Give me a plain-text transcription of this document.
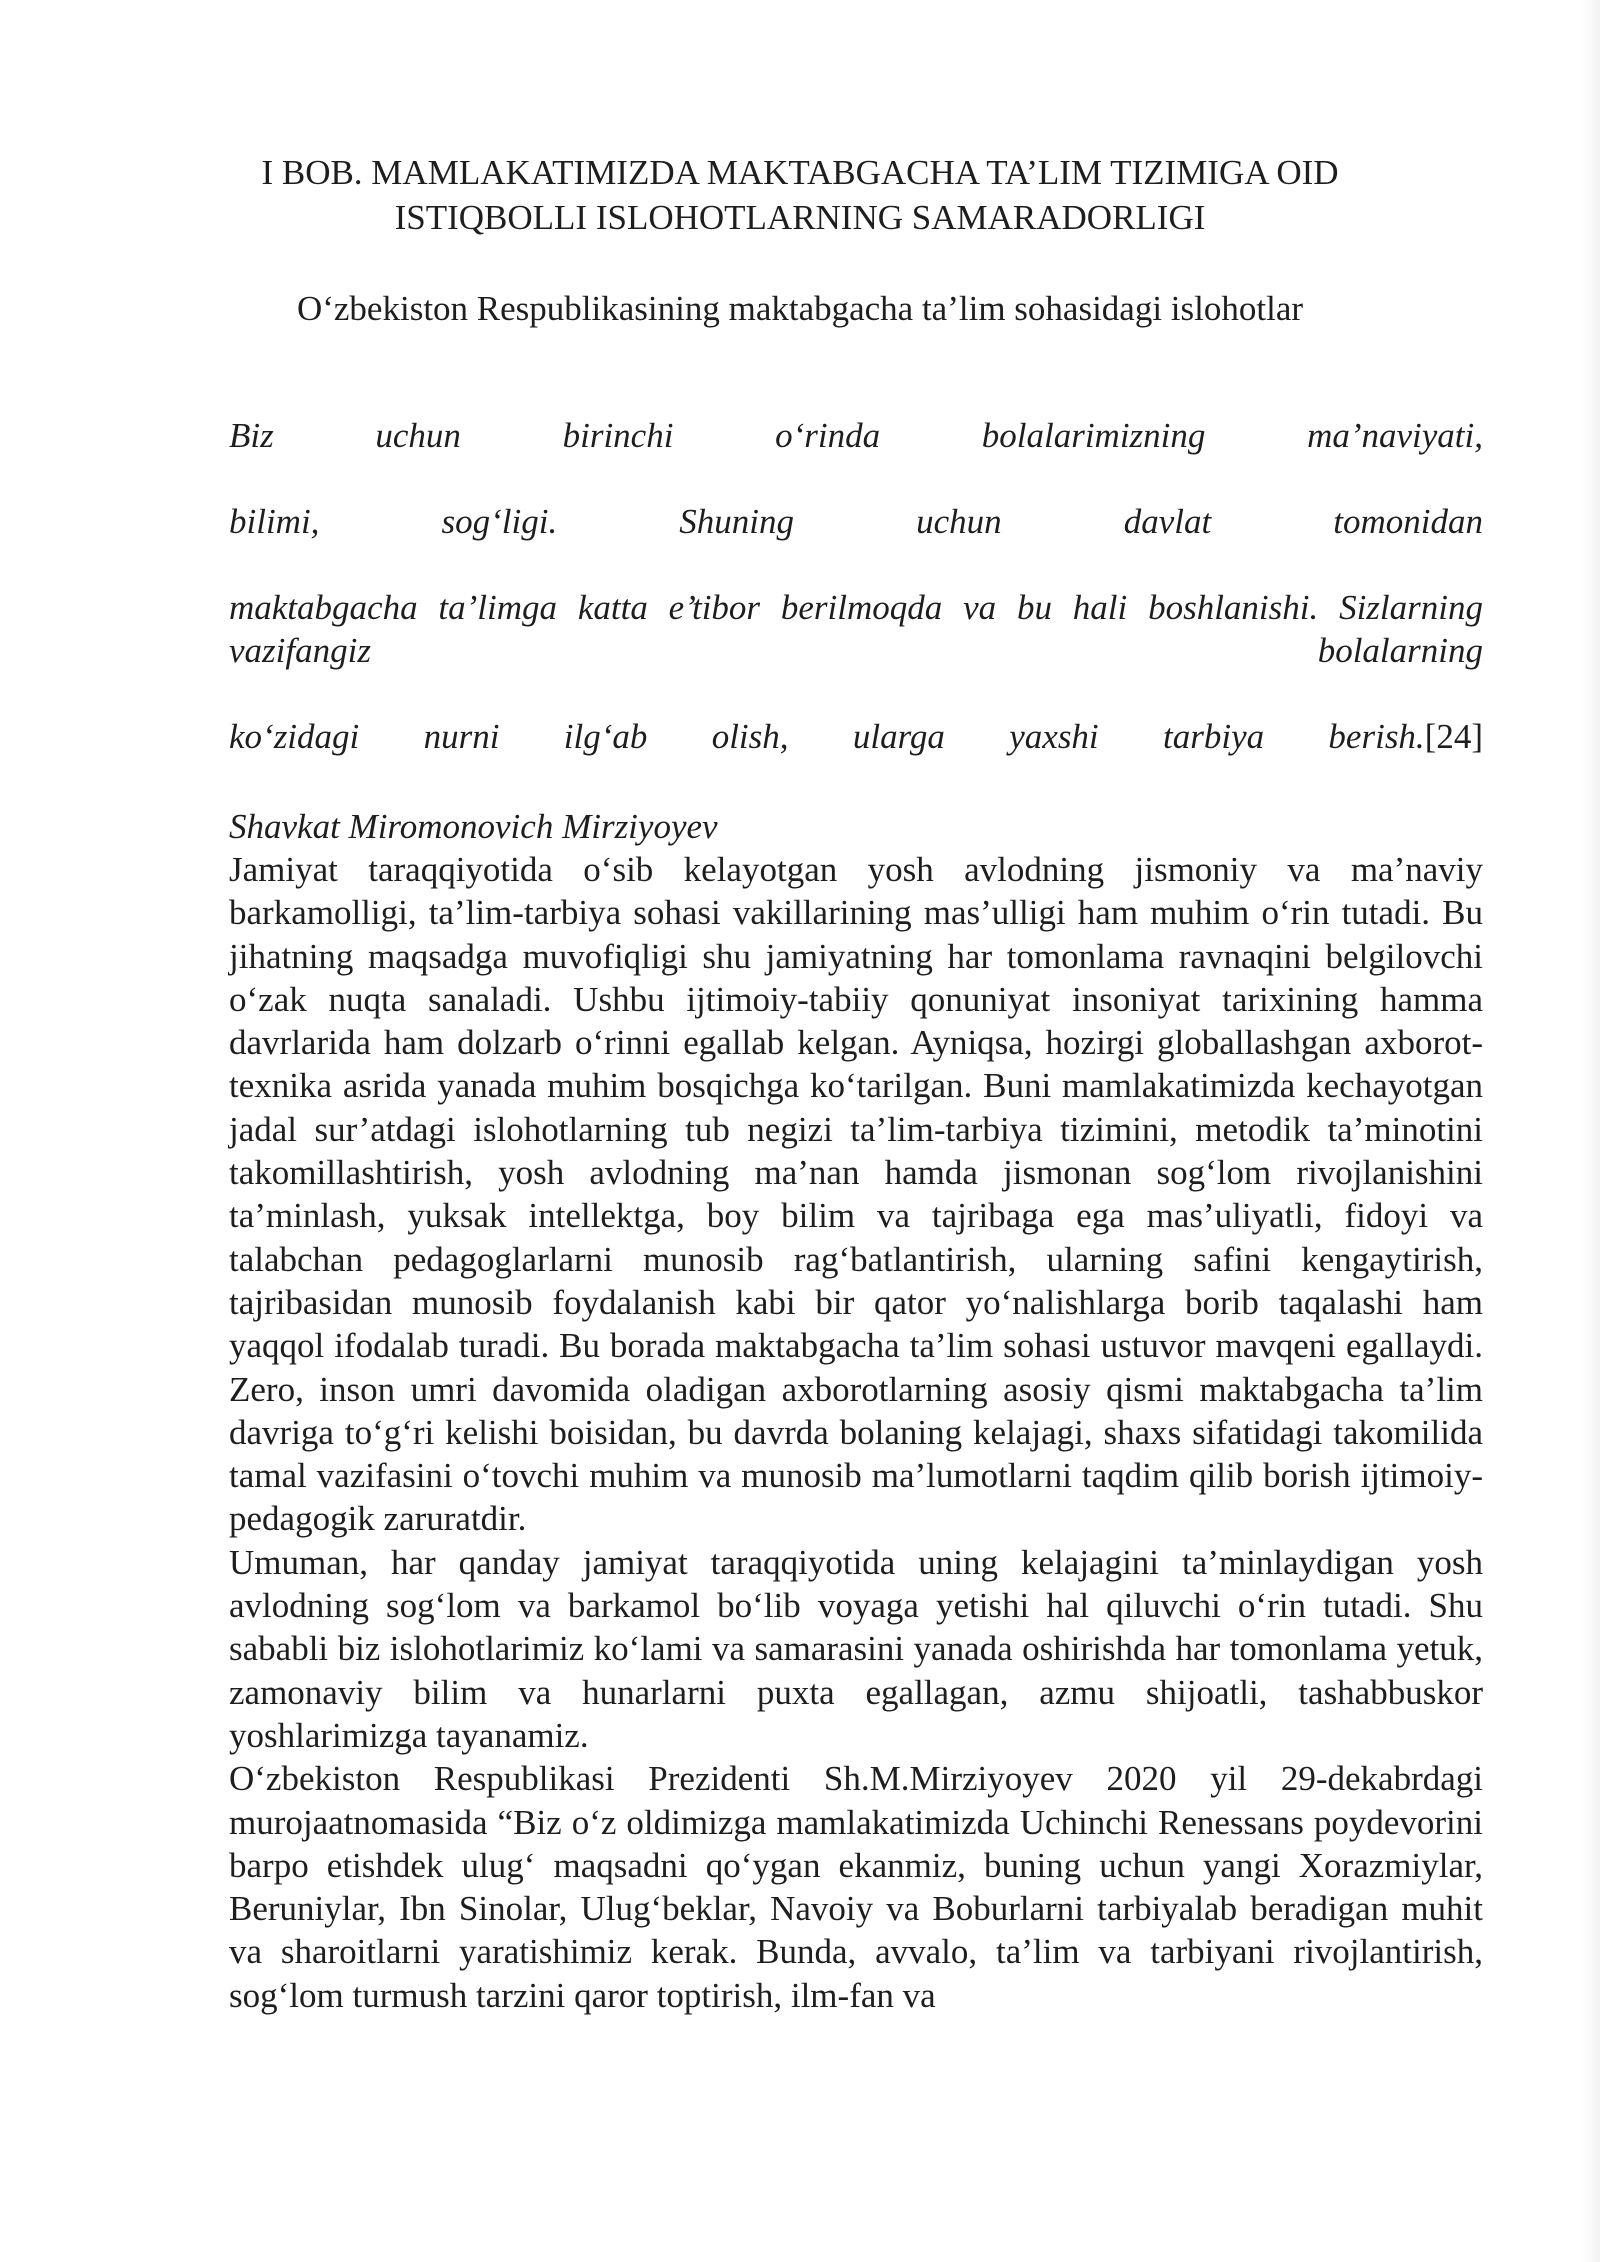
I BOB. MAMLAKATIMIZDA MAKTABGACHA TA’LIM TIZIMIGA OID
ISTIQBOLLI ISLOHOTLARNING SAMARADORLIGI
O‘zbekiston Respublikasining maktabgacha ta’lim sohasidagi islohotlar
Biz uchun birinchi o‘rinda bolalarimizning ma’naviyati,
bilimi, sog‘ligi. Shuning uchun davlat tomonidan
maktabgacha ta’limga katta e’tibor berilmoqda va bu hali boshlanishi. Sizlarning vazifangiz bolalarning
ko‘zidagi nurni ilg‘ab olish, ularga yaxshi tarbiya berish.[24]
Shavkat Miromonovich Mirziyoyev

Jamiyat taraqqiyotida o‘sib kelayotgan yosh avlodning jismoniy va ma’naviy barkamolligi, ta’lim-tarbiya sohasi vakillarining mas’ulligi ham muhim o‘rin tutadi. Bu jihatning maqsadga muvofiqligi shu jamiyatning har tomonlama ravnaqini belgilovchi o‘zak nuqta sanaladi. Ushbu ijtimoiy-tabiiy qonuniyat insoniyat tarixining hamma davrlarida ham dolzarb o‘rinni egallab kelgan. Ayniqsa, hozirgi globallashgan axborot-texnika asrida yanada muhim bosqichga ko‘tarilgan. Buni mamlakatimizda kechayotgan jadal sur’atdagi islohotlarning tub negizi ta’lim-tarbiya tizimini, metodik ta’minotini takomillashtirish, yosh avlodning ma’nan hamda jismonan sog‘lom rivojlanishini ta’minlash, yuksak intellektga, boy bilim va tajribaga ega mas’uliyatli, fidoyi va talabchan pedagoglarlarni munosib rag‘batlantirish, ularning safini kengaytirish, tajribasidan munosib foydalanish kabi bir qator yo‘nalishlarga borib taqalashi ham yaqqol ifodalab turadi. Bu borada maktabgacha ta’lim sohasi ustuvor mavqeni egallaydi. Zero, inson umri davomida oladigan axborotlarning asosiy qismi maktabgacha ta’lim davriga to‘g‘ri kelishi boisidan, bu davrda bolaning kelajagi, shaxs sifatidagi takomilida tamal vazifasini o‘tovchi muhim va munosib ma’lumotlarni taqdim qilib borish ijtimoiy-pedagogik zaruratdir.

Umuman, har qanday jamiyat taraqqiyotida uning kelajagini ta’minlaydigan yosh avlodning sog‘lom va barkamol bo‘lib voyaga yetishi hal qiluvchi o‘rin tutadi. Shu sababli biz islohotlarimiz ko‘lami va samarasini yanada oshirishda har tomonlama yetuk, zamonaviy bilim va hunarlarni puxta egallagan, azmu shijoatli, tashabbuskor yoshlarimizga tayanamiz.

O‘zbekiston Respublikasi Prezidenti Sh.M.Mirziyoyev 2020 yil 29-dekabrdagi murojaatnomasida “Biz o‘z oldimizga mamlakatimizda Uchinchi Renessans poydevorini barpo etishdek ulug‘ maqsadni qo‘ygan ekanmiz, buning uchun yangi Xorazmiylar, Beruniylar, Ibn Sinolar, Ulug‘beklar, Navoiy va Boburlarni tarbiyalab beradigan muhit va sharoitlarni yaratishimiz kerak. Bunda, avvalo, ta’lim va tarbiyani rivojlantirish, sog‘lom turmush tarzini qaror toptirish, ilm-fan va
